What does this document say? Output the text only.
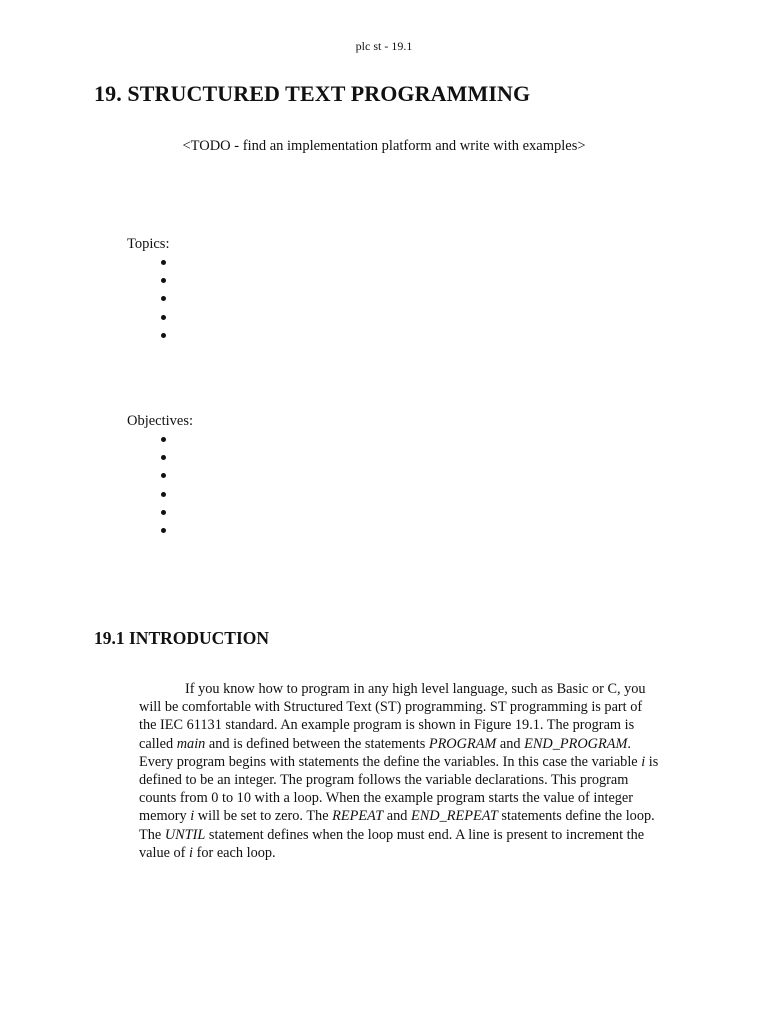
plc st - 19.1
19. STRUCTURED TEXT PROGRAMMING
<TODO - find an implementation platform and write with examples>
Topics:
Objectives:
19.1 INTRODUCTION

If you know how to program in any high level language, such as Basic or C, you
will be comfortable with Structured Text (ST) programming. ST programming is part of
the IEC 61131 standard. An example program is shown in Figure 19.1. The program is
called main and is defined between the statements PROGRAM and END_PROGRAM.
Every program begins with statements the define the variables. In this case the variable i is
defined to be an integer. The program follows the variable declarations. This program
counts from 0 to 10 with a loop. When the example program starts the value of integer
memory i will be set to zero. The REPEAT and END_REPEAT statements define the loop.
The UNTIL statement defines when the loop must end. A line is present to increment the
value of i for each loop.
